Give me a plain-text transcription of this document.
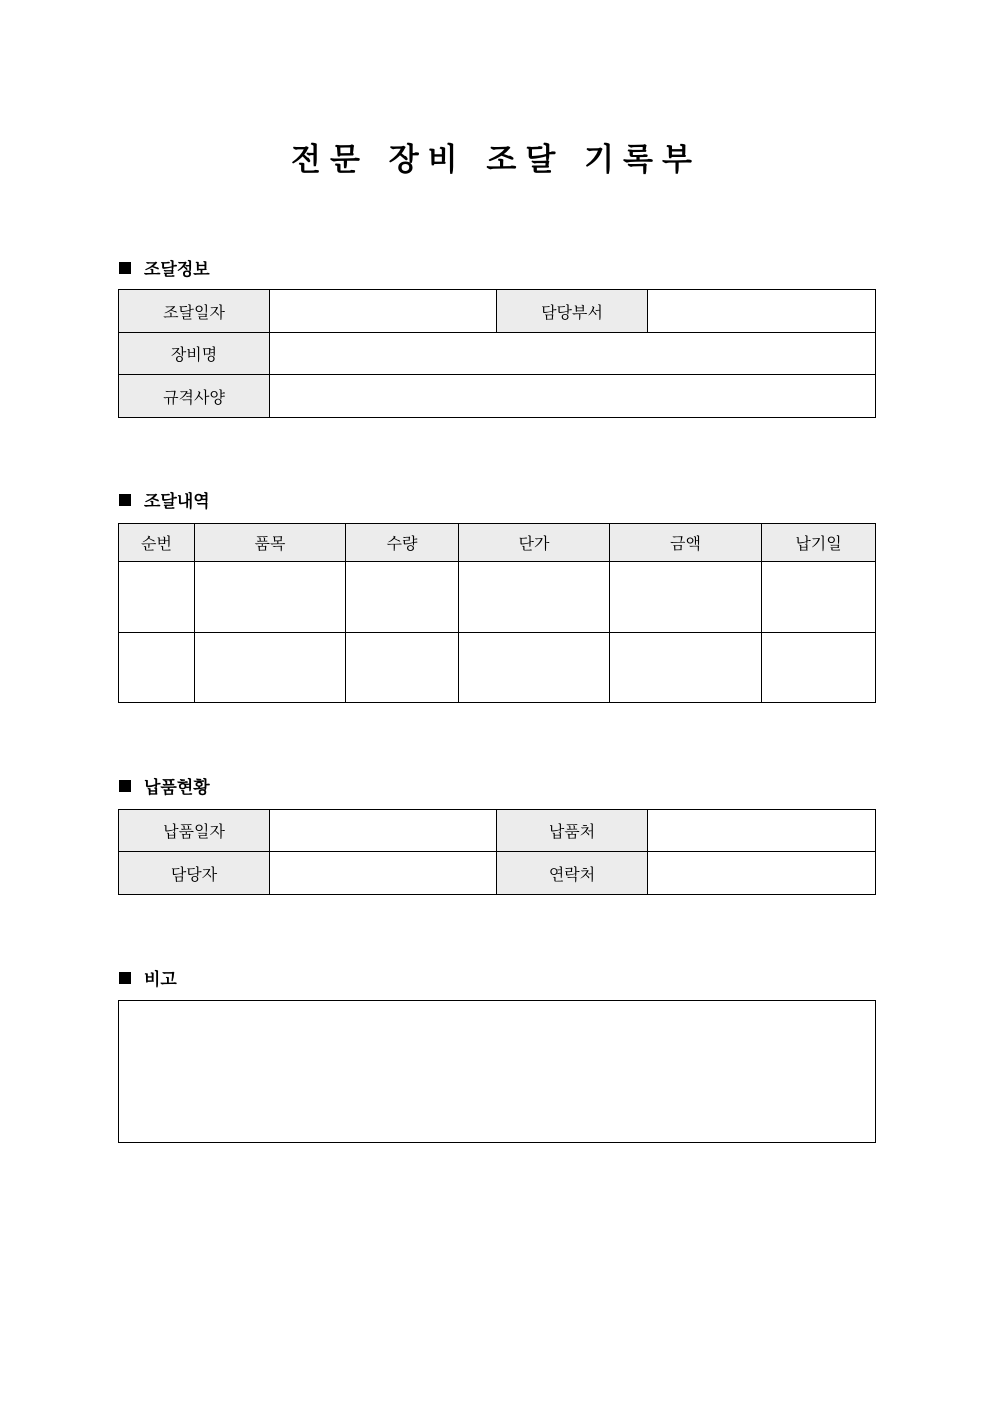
전문 장비 조달 기록부
조달정보
조달일자		담당부서	
장비명			
규격사양			
조달내역
순번	품목	수량	단가	금액	납기일

납품현황
납품일자		납품처	
담당자		연락처	
비고
